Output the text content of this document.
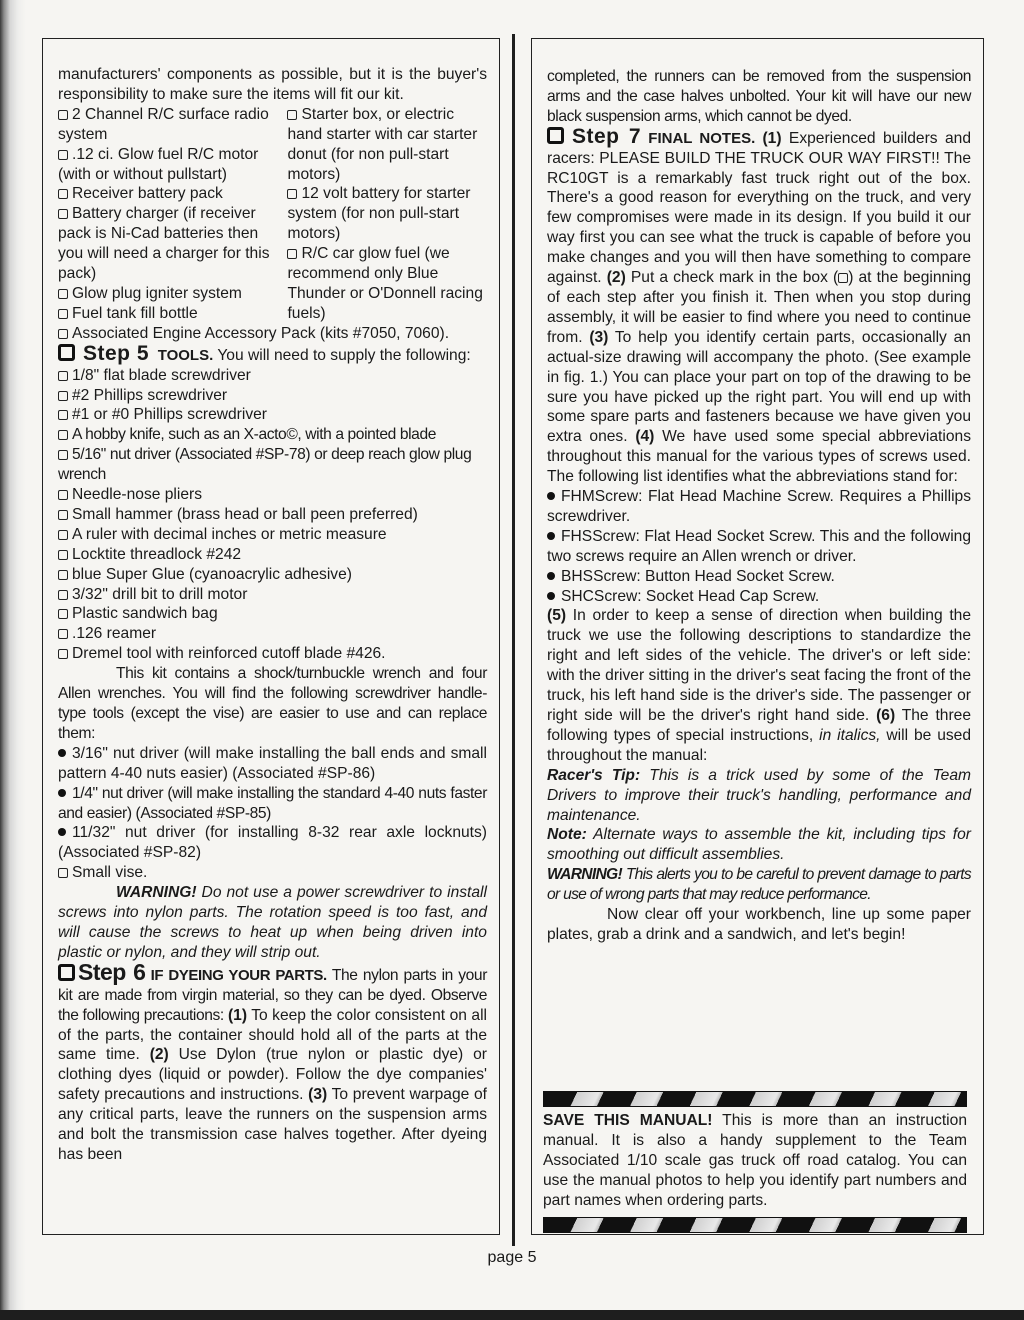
manufacturers' components as possible, but it is the buyer's responsibility to make sure the items will fit our kit.

2 Channel R/C surface radio system

.12 ci. Glow fuel R/C motor (with or without pullstart)

Receiver battery pack

Battery charger (if receiver pack is Ni-Cad batteries then you will need a charger for this pack)

Glow plug igniter system

Fuel tank fill bottle

Starter box, or electric hand starter with car starter donut (for non pull-start motors)

12 volt battery for starter system (for non pull-start motors)

R/C car glow fuel (we recommend only Blue Thunder or O'Donnell racing fuels)

Associated Engine Accessory Pack (kits #7050, 7060).

Step 5 TOOLS. You will need to supply the following:

1/8" flat blade screwdriver

#2 Phillips screwdriver

#1 or #0 Phillips screwdriver

A hobby knife, such as an X-acto©, with a pointed blade

5/16" nut driver (Associated #SP-78) or deep reach glow plug wrench

Needle-nose pliers

Small hammer (brass head or ball peen preferred)

A ruler with decimal inches or metric measure

Locktite threadlock #242

blue Super Glue (cyanoacrylic adhesive)

3/32" drill bit to drill motor

Plastic sandwich bag

.126 reamer

Dremel tool with reinforced cutoff blade #426.

This kit contains a shock/turnbuckle wrench and four Allen wrenches. You will find the following screwdriver handle-type tools (except the vise) are easier to use and can replace them:

3/16" nut driver (will make installing the ball ends and small pattern 4-40 nuts easier) (Associated #SP-86)

1/4" nut driver (will make installing the standard 4-40 nuts faster and easier) (Associated #SP-85)

11/32" nut driver (for installing 8-32 rear axle locknuts) (Associated #SP-82)

Small vise.

WARNING! Do not use a power screwdriver to install screws into nylon parts. The rotation speed is too fast, and will cause the screws to heat up when being driven into plastic or nylon, and they will strip out.

Step 6 IF DYEING YOUR PARTS. The nylon parts in your kit are made from virgin material, so they can be dyed. Observe the following precautions: (1) To keep the color consistent on all of the parts, the container should hold all of the parts at the same time. (2) Use Dylon (true nylon or plastic dye) or clothing dyes (liquid or powder). Follow the dye companies' safety precautions and instructions. (3) To prevent warpage of any critical parts, leave the runners on the suspension arms and bolt the transmission case halves together. After dyeing has been

completed, the runners can be removed from the suspension arms and the case halves unbolted. Your kit will have our new black suspension arms, which cannot be dyed.

Step 7 FINAL NOTES. (1) Experienced builders and racers: PLEASE BUILD THE TRUCK OUR WAY FIRST!! The RC10GT is a remarkably fast truck right out of the box. There's a good reason for everything on the truck, and very few compromises were made in its design. If you build it our way first you can see what the truck is capable of before you make changes and you will then have something to compare against. (2) Put a check mark in the box ( ) at the beginning of each step after you finish it. Then when you stop during assembly, it will be easier to find where you need to continue from. (3) To help you identify certain parts, occasionally an actual-size drawing will accompany the photo. (See example in fig. 1.) You can place your part on top of the drawing to be sure you have picked up the right part. You will end up with some spare parts and fasteners because we have given you extra ones. (4) We have used some special abbreviations throughout this manual for the various types of screws used. The following list identifies what the abbreviations stand for:

FHMScrew: Flat Head Machine Screw. Requires a Phillips screwdriver.

FHSScrew: Flat Head Socket Screw. This and the following two screws require an Allen wrench or driver.

BHSScrew: Button Head Socket Screw.

SHCScrew: Socket Head Cap Screw.

(5) In order to keep a sense of direction when building the truck we use the following descriptions to standardize the right and left sides of the vehicle. The driver's or left side: with the driver sitting in the driver's seat facing the front of the truck, his left hand side is the driver's side. The passenger or right side will be the driver's right hand side. (6) The three following types of special instructions, in italics, will be used throughout the manual:

Racer's Tip: This is a trick used by some of the Team Drivers to improve their truck's handling, performance and maintenance.

Note: Alternate ways to assemble the kit, including tips for smoothing out difficult assemblies.

WARNING! This alerts you to be careful to prevent damage to parts or use of wrong parts that may reduce performance.

Now clear off your workbench, line up some paper plates, grab a drink and a sandwich, and let's begin!

SAVE THIS MANUAL! This is more than an instruction manual. It is also a handy supplement to the Team Associated 1/10 scale gas truck off road catalog. You can use the manual photos to help you identify part numbers and part names when ordering parts.

page 5
